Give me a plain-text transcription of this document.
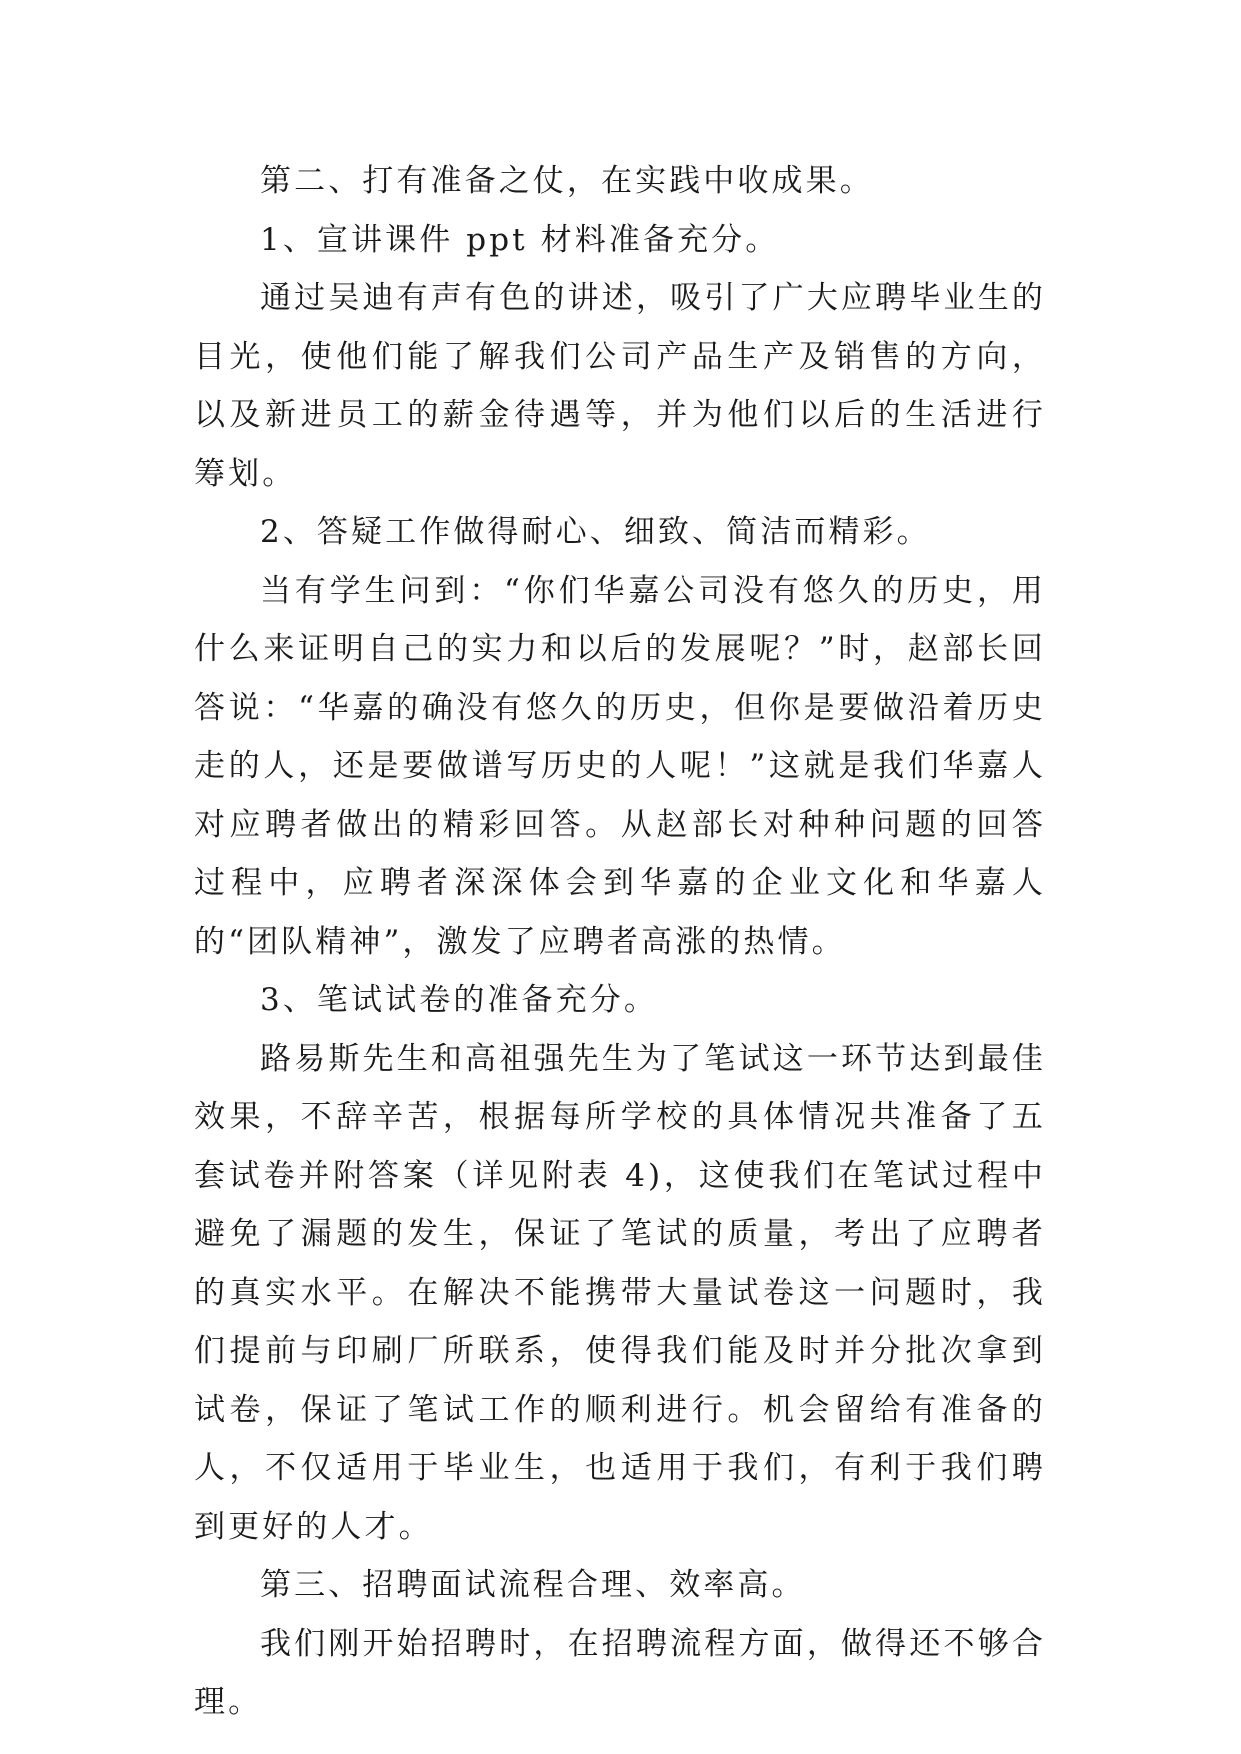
第二、打有准备之仗，在实践中收成果。

1、宣讲课件 ppt 材料准备充分。

通过吴迪有声有色的讲述，吸引了广大应聘毕业生的目光，使他们能了解我们公司产品生产及销售的方向，以及新进员工的薪金待遇等，并为他们以后的生活进行筹划。

2、答疑工作做得耐心、细致、简洁而精彩。

当有学生问到：“你们华嘉公司没有悠久的历史，用什么来证明自己的实力和以后的发展呢？”时，赵部长回答说：“华嘉的确没有悠久的历史，但你是要做沿着历史走的人，还是要做谱写历史的人呢！”这就是我们华嘉人对应聘者做出的精彩回答。从赵部长对种种问题的回答过程中，应聘者深深体会到华嘉的企业文化和华嘉人的“团队精神”，激发了应聘者高涨的热情。

3、笔试试卷的准备充分。

路易斯先生和高祖强先生为了笔试这一环节达到最佳效果，不辞辛苦，根据每所学校的具体情况共准备了五套试卷并附答案（详见附表 4)，这使我们在笔试过程中避免了漏题的发生，保证了笔试的质量，考出了应聘者的真实水平。在解决不能携带大量试卷这一问题时，我们提前与印刷厂所联系，使得我们能及时并分批次拿到试卷，保证了笔试工作的顺利进行。机会留给有准备的人，不仅适用于毕业生，也适用于我们，有利于我们聘到更好的人才。

第三、招聘面试流程合理、效率高。

我们刚开始招聘时，在招聘流程方面，做得还不够合理。
